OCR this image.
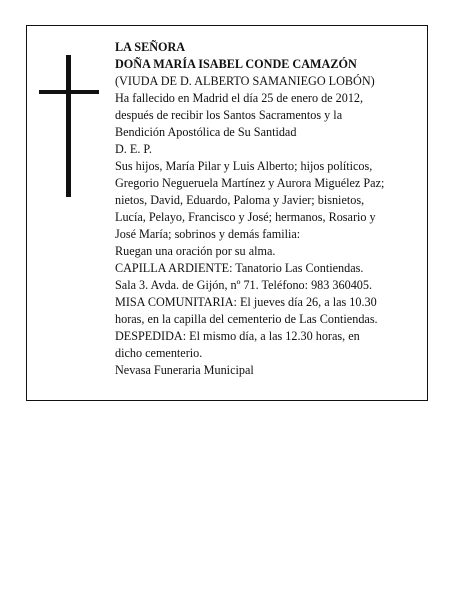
LA SEÑORA
DOÑA MARÍA ISABEL CONDE CAMAZÓN
(VIUDA DE D. ALBERTO SAMANIEGO LOBÓN)
Ha fallecido en Madrid el día 25 de enero de 2012,
después de recibir los Santos Sacramentos y la
Bendición Apostólica de Su Santidad
D. E. P.
Sus hijos, María Pilar y Luis Alberto; hijos políticos,
Gregorio Negueruela Martínez y Aurora Miguélez Paz;
nietos, David, Eduardo, Paloma y Javier; bisnietos,
Lucía, Pelayo, Francisco y José; hermanos, Rosario y
José María; sobrinos y demás familia:
Ruegan una oración por su alma.
CAPILLA ARDIENTE: Tanatorio Las Contiendas.
Sala 3. Avda. de Gijón, nº 71. Teléfono: 983 360405.
MISA COMUNITARIA: El jueves día 26, a las 10.30
horas, en la capilla del cementerio de Las Contiendas.
DESPEDIDA: El mismo día, a las 12.30 horas, en
dicho cementerio.
Nevasa Funeraria Municipal
